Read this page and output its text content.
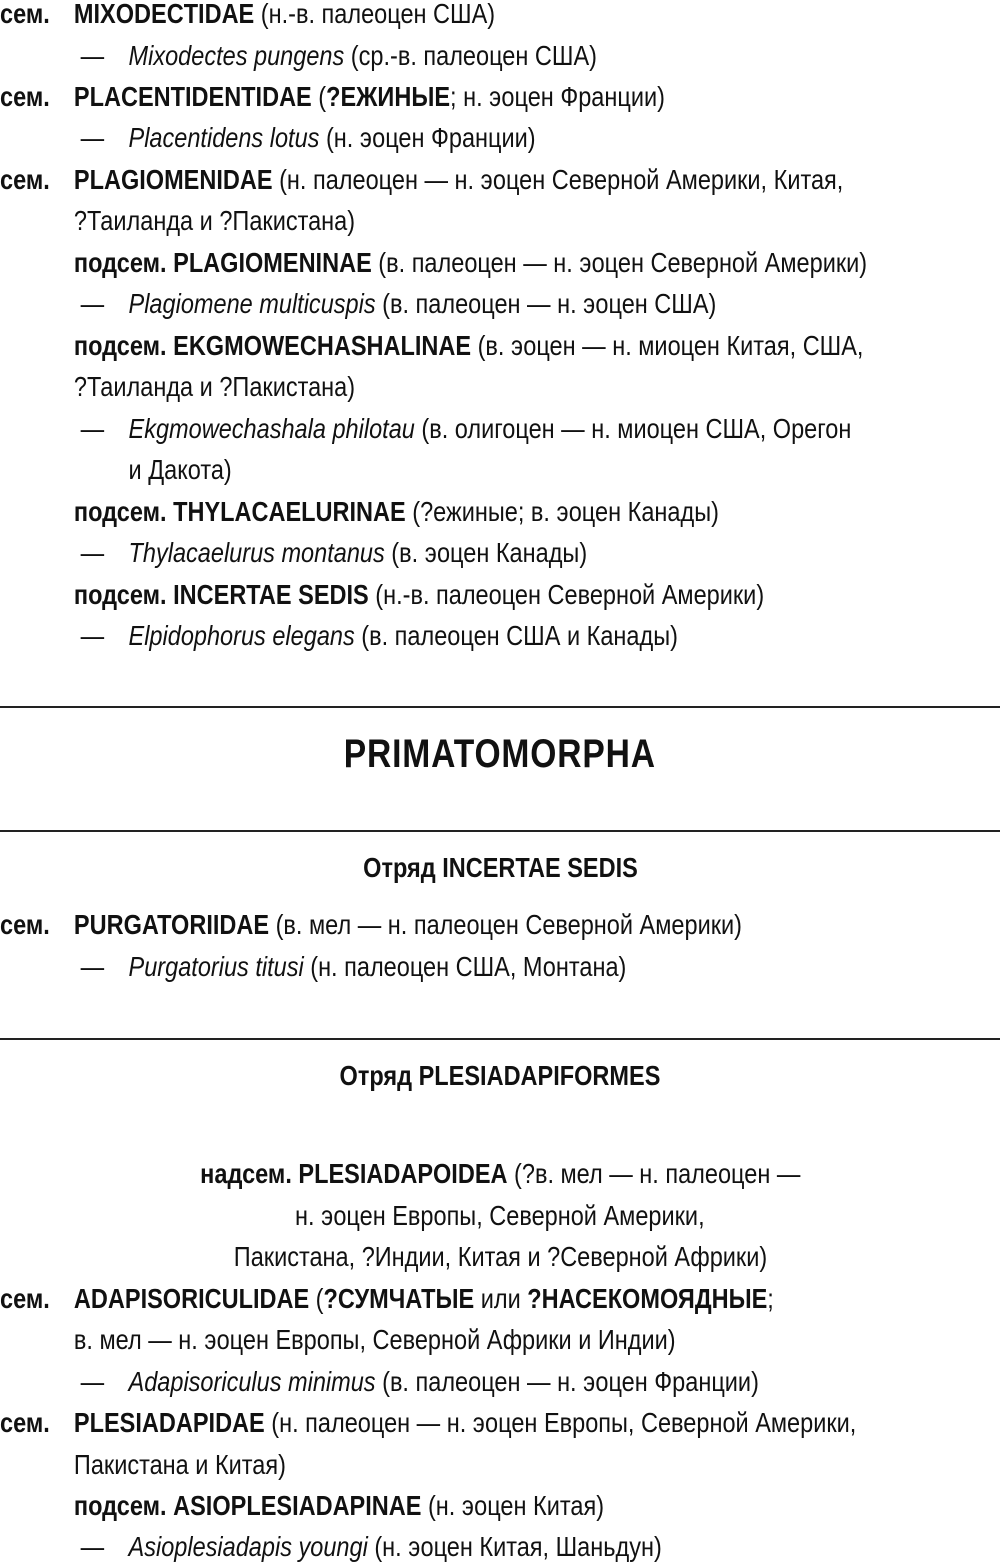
сем. MIXODECTIDAE (н.-в. палеоцен США)
— Mixodectes pungens (ср.-в. палеоцен США)
сем. PLACENTIDENTIDAE (?ЕЖИНЫЕ; н. эоцен Франции)
— Placentidens lotus (н. эоцен Франции)
сем. PLAGIOMENIDAE (н. палеоцен — н. эоцен Северной Америки, Китая,
?Таиланда и ?Пакистана)
подсем. PLAGIOMENINAE (в. палеоцен — н. эоцен Северной Америки)
— Plagiomene multicuspis (в. палеоцен — н. эоцен США)
подсем. EKGMOWECHASHALINAE (в. эоцен — н. миоцен Китая, США,
?Таиланда и ?Пакистана)
— Ekgmowechashala philotau (в. олигоцен — н. миоцен США, Орегон
и Дакота)
подсем. THYLACAELURINAE (?ежиные; в. эоцен Канады)
— Thylacaelurus montanus (в. эоцен Канады)
подсем. INCERTAE SEDIS (н.-в. палеоцен Северной Америки)
— Elpidophorus elegans (в. палеоцен США и Канады)
PRIMATOMORPHA
Отряд INCERTAE SEDIS
сем. PURGATORIIDAE (в. мел — н. палеоцен Северной Америки)
— Purgatorius titusi (н. палеоцен США, Монтана)
Отряд PLESIADAPIFORMES
надсем. PLESIADAPOIDEA (?в. мел — н. палеоцен —
н. эоцен Европы, Северной Америки,
Пакистана, ?Индии, Китая и ?Северной Африки)
сем. ADAPISORICULIDAE (?СУМЧАТЫЕ или ?НАСЕКОМОЯДНЫЕ;
в. мел — н. эоцен Европы, Северной Африки и Индии)
— Adapisoriculus minimus (в. палеоцен — н. эоцен Франции)
сем. PLESIADAPIDAE (н. палеоцен — н. эоцен Европы, Северной Америки,
Пакистана и Китая)
подсем. ASIOPLESIADAPINAE (н. эоцен Китая)
— Asioplesiadapis youngi (н. эоцен Китая, Шаньдун)
